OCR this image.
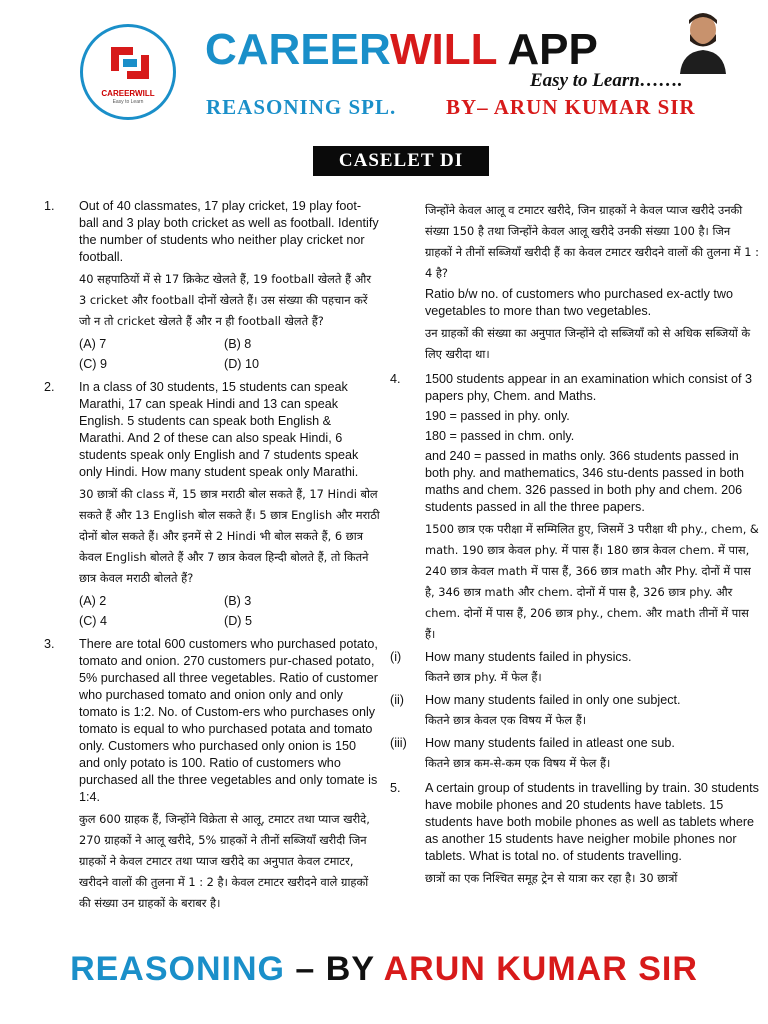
CAREERWILL
Easy to Learn
CAREERWILL APP
Easy to Learn…….
REASONING SPL. BY– ARUN KUMAR SIR
CASELET DI
1. Out of 40 classmates, 17 play cricket, 19 play foot-ball and 3 play both cricket as well as football. Identify the number of students who neither play cricket nor football.

40 सहपाठियों में से 17 क्रिकेट खेलते हैं, 19 football खेलते हैं और 3 cricket और football दोनों खेलते हैं। उस संख्या की पहचान करें जो न तो cricket खेलते हैं और न ही football खेलते हैं?

(A) 7	(B) 8
(C) 9	(D) 10
2. In a class of 30 students, 15 students can speak Marathi, 17 can speak Hindi and 13 can speak English. 5 students can speak both English & Marathi. And 2 of these can also speak Hindi, 6 students speak only English and 7 students speak only Hindi. How many student speak only Marathi.

30 छात्रों की class में, 15 छात्र मराठी बोल सकते हैं, 17 Hindi बोल सकते हैं और 13 English बोल सकते हैं। 5 छात्र English और मराठी दोनों बोल सकते हैं। और इनमें से 2 Hindi भी बोल सकते हैं, 6 छात्र केवल English बोलते हैं और 7 छात्र केवल हिन्दी बोलते हैं, तो कितने छात्र केवल मराठी बोलते हैं?

(A) 2	(B) 3
(C) 4	(D) 5
3. There are total 600 customers who purchased potato, tomato and onion. 270 customers pur-chased potato, 5% purchased all three vegetables. Ratio of customer who purchased tomato and onion only and only tomato is 1:2. No. of Custom-ers who purchases only tomato is equal to who purchased potata and tomato only. Customers who purchased only onion is 150 and only potato is 100. Ratio of customers who purchased all the three vegetables and only tomate is 1:4.

कुल 600 ग्राहक हैं, जिन्होंने विक्रेता से आलू, टमाटर तथा प्याज खरीदे, 270 ग्राहकों ने आलू खरीदे, 5% ग्राहकों ने तीनों सब्जियाँ खरीदी जिन ग्राहकों ने केवल टमाटर तथा प्याज खरीदे का अनुपात केवल टमाटर, खरीदने वालों की तुलना में 1 : 2 है। केवल टमाटर खरीदने वाले ग्राहकों की संख्या उन ग्राहकों के बराबर है।

जिन्होंने केवल आलू व टमाटर खरीदे, जिन ग्राहकों ने केवल प्याज खरीदे उनकी संख्या 150 है तथा जिन्होंने केवल आलू खरीदे उनकी संख्या 100 है। जिन ग्राहकों ने तीनों सब्जियाँ खरीदी हैं का केवल टमाटर खरीदने वालों की तुलना में 1 : 4 है?

Ratio b/w no. of customers who purchased ex-actly two vegetables to more than two vegetables.

उन ग्राहकों की संख्या का अनुपात जिन्होंने दो सब्जियाँ को से अधिक सब्जियों के लिए खरीदा था।

4. 1500 students appear in an examination which consist of 3 papers phy, Chem. and Maths.

190 = passed in phy. only.

180 = passed in chm. only.

and 240 = passed in maths only. 366 students passed in both phy. and mathematics, 346 stu-dents passed in both maths and chem. 326 passed in both phy and chem. 206 students passed in all the three papers.

1500 छात्र एक परीक्षा में सम्मिलित हुए, जिसमें 3 परीक्षा थी phy., chem, & math. 190 छात्र केवल phy. में पास हैं। 180 छात्र केवल chem. में पास, 240 छात्र केवल math में पास हैं, 366 छात्र math और Phy. दोनों में पास है, 346 छात्र math और chem. दोनों में पास है, 326 छात्र phy. और chem. दोनों में पास हैं, 206 छात्र phy., chem. और math तीनों में पास हैं।

(i) How many students failed in physics.

कितने छात्र phy. में फेल हैं।

(ii) How many students failed in only one subject.

कितने छात्र केवल एक विषय में फेल हैं।

(iii) How many students failed in atleast one sub.

कितने छात्र कम-से-कम एक विषय में फेल हैं।

5. A certain group of students in travelling by train. 30 students have mobile phones and 20 students have tablets. 15 students have both mobile phones as well as tablets where as another 15 students have neigher mobile phones nor tablets. What is total no. of students travelling.

छात्रों का एक निश्चित समूह ट्रेन से यात्रा कर रहा है। 30 छात्रों

REASONING – BY ARUN KUMAR SIR
